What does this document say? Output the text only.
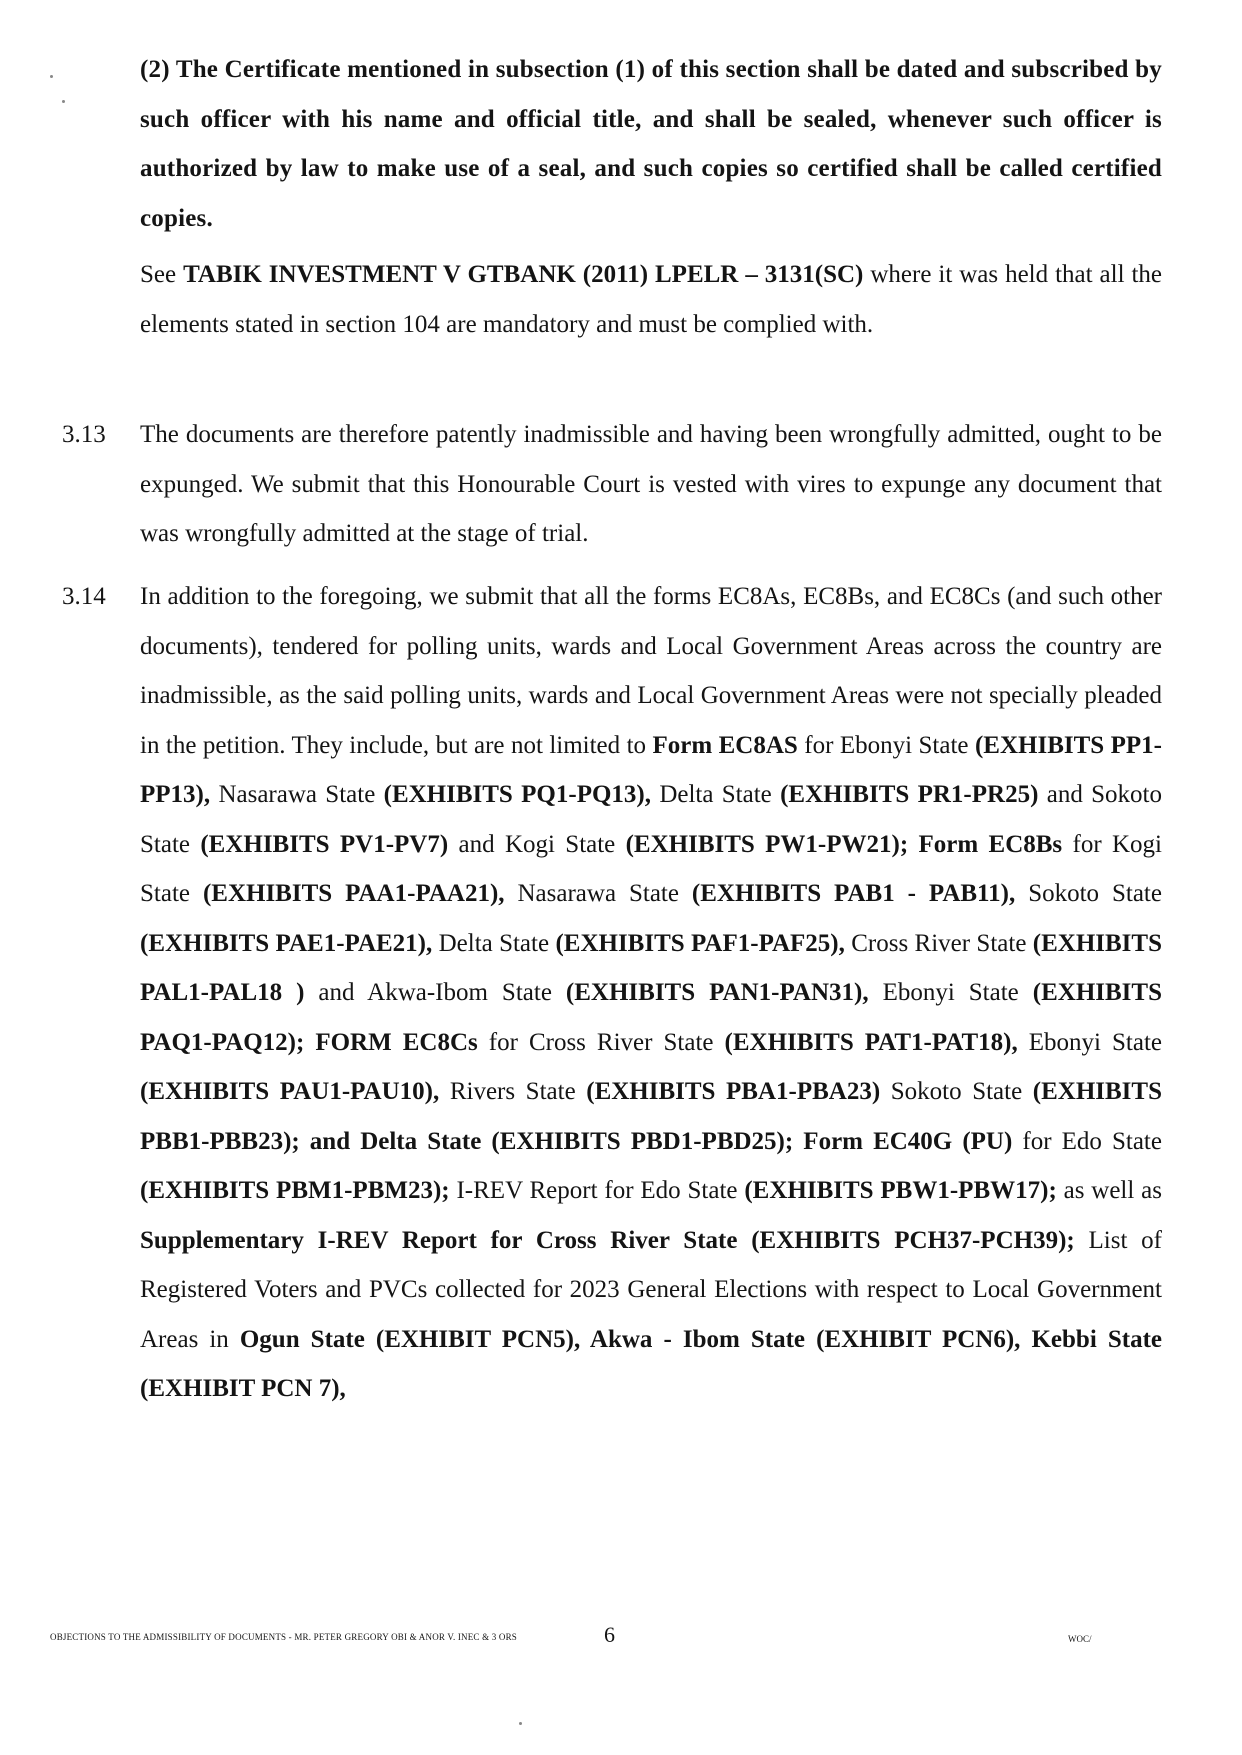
(2) The Certificate mentioned in subsection (1) of this section shall be dated and subscribed by such officer with his name and official title, and shall be sealed, whenever such officer is authorized by law to make use of a seal, and such copies so certified shall be called certified copies.

See TABIK INVESTMENT V GTBANK (2011) LPELR – 3131(SC) where it was held that all the elements stated in section 104 are mandatory and must be complied with.

3.13 The documents are therefore patently inadmissible and having been wrongfully admitted, ought to be expunged. We submit that this Honourable Court is vested with vires to expunge any document that was wrongfully admitted at the stage of trial.

3.14 In addition to the foregoing, we submit that all the forms EC8As, EC8Bs, and EC8Cs (and such other documents), tendered for polling units, wards and Local Government Areas across the country are inadmissible, as the said polling units, wards and Local Government Areas were not specially pleaded in the petition. They include, but are not limited to Form EC8AS for Ebonyi State (EXHIBITS PP1-PP13), Nasarawa State (EXHIBITS PQ1-PQ13), Delta State (EXHIBITS PR1-PR25) and Sokoto State (EXHIBITS PV1-PV7) and Kogi State (EXHIBITS PW1-PW21); Form EC8Bs for Kogi State (EXHIBITS PAA1-PAA21), Nasarawa State (EXHIBITS PAB1 - PAB11), Sokoto State (EXHIBITS PAE1-PAE21), Delta State (EXHIBITS PAF1-PAF25), Cross River State (EXHIBITS PAL1-PAL18 ) and Akwa-Ibom State (EXHIBITS PAN1-PAN31), Ebonyi State (EXHIBITS PAQ1-PAQ12); FORM EC8Cs for Cross River State (EXHIBITS PAT1-PAT18), Ebonyi State (EXHIBITS PAU1-PAU10), Rivers State (EXHIBITS PBA1-PBA23) Sokoto State (EXHIBITS PBB1-PBB23); and Delta State (EXHIBITS PBD1-PBD25); Form EC40G (PU) for Edo State (EXHIBITS PBM1-PBM23); I-REV Report for Edo State (EXHIBITS PBW1-PBW17); as well as Supplementary I-REV Report for Cross River State (EXHIBITS PCH37-PCH39); List of Registered Voters and PVCs collected for 2023 General Elections with respect to Local Government Areas in Ogun State (EXHIBIT PCN5), Akwa - Ibom State (EXHIBIT PCN6), Kebbi State (EXHIBIT PCN 7),

OBJECTIONS TO THE ADMISSIBILITY OF DOCUMENTS - MR. PETER GREGORY OBI & ANOR V. INEC & 3 ORS	6	WOC/
